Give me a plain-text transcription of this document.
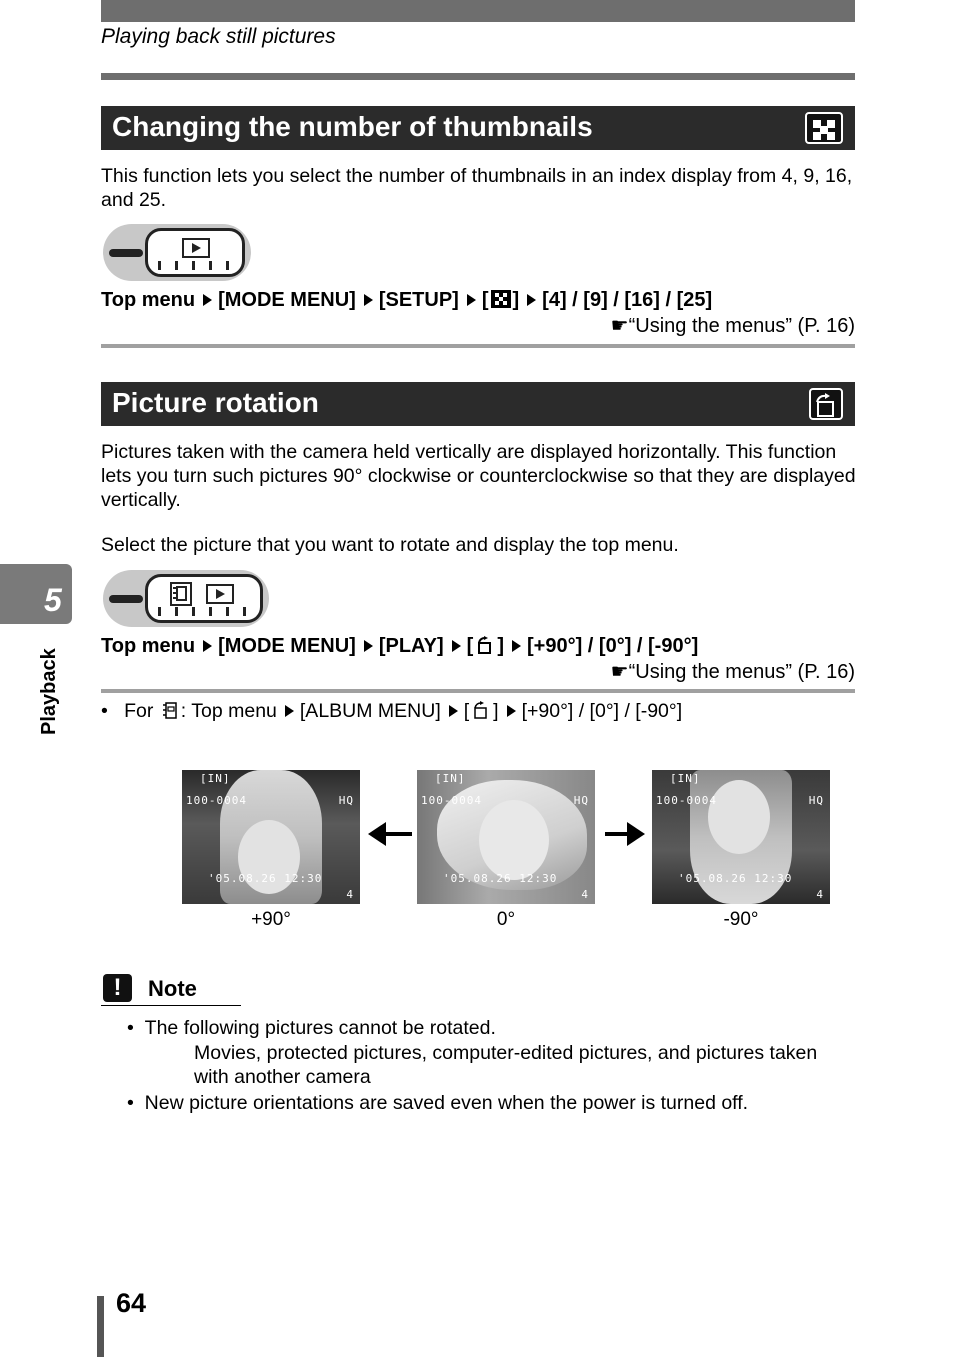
Playing back still pictures
Changing the number of thumbnails
This function lets you select the number of thumbnails in an index display from 4, 9, 16, and 25.
Top menu [MODE MENU] [SETUP] [ ] [4] / [9] / [16] / [25]
☛“Using the menus” (P. 16)
Picture rotation
Pictures taken with the camera held vertically are displayed horizontally. This function lets you turn such pictures 90° clockwise or counterclockwise so that they are displayed vertically.
Select the picture that you want to rotate and display the top menu.
Top menu [MODE MENU] [PLAY] [ ] [+90°] / [0°] / [-90°]
☛“Using the menus” (P. 16)
• For : Top menu [ALBUM MENU] [ ] [+90°] / [0°] / [-90°]
[IN]
100-0004	HQ
'05.08.26 12:30
4
+90°
[IN]
100-0004	HQ
'05.08.26 12:30
4
0°
[IN]
100-0004	HQ
'05.08.26 12:30
4
-90°
!	Note
• The following pictures cannot be rotated.
Movies, protected pictures, computer-edited pictures, and pictures taken
with another camera
• New picture orientations are saved even when the power is turned off.
5
Playback
64
